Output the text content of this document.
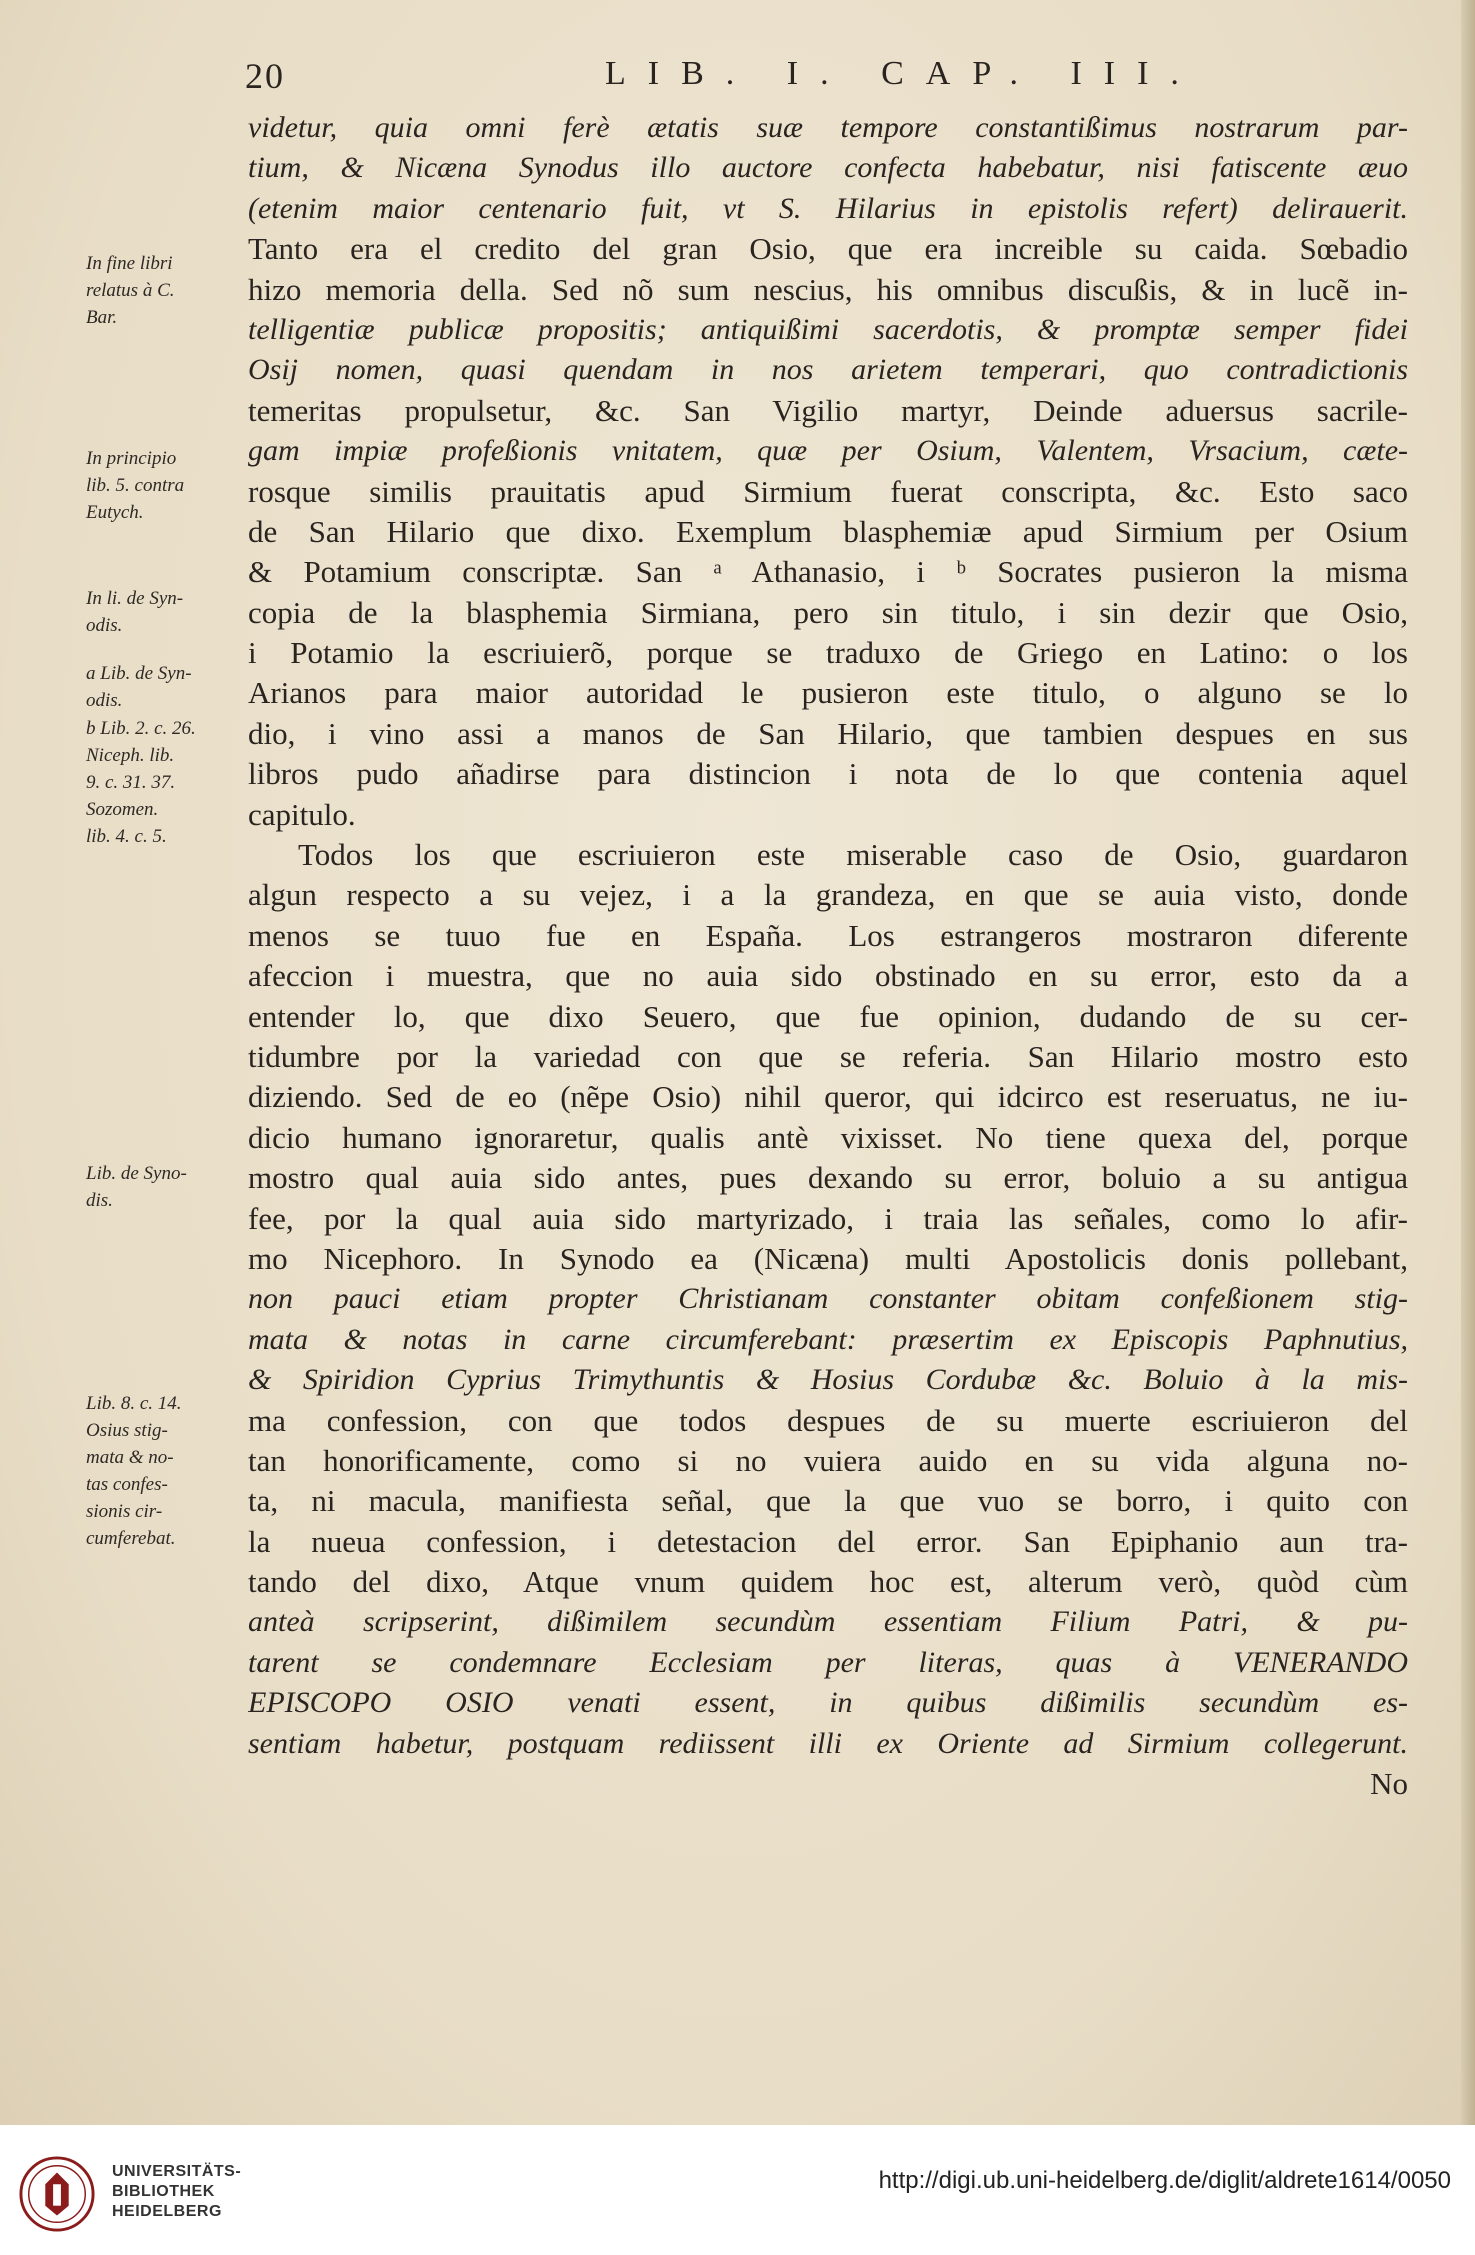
20	LIB. I. CAP. III.
In fine libri
relatus à C.
Bar.
In principio
lib. 5. contra
Eutych.
In li. de Syn-
odis.
a Lib. de Syn-
odis.
b Lib. 2. c. 26.
Niceph. lib.
9. c. 31. 37.
Sozomen.
lib. 4. c. 5.
Lib. de Syno-
dis.
Lib. 8. c. 14.
Osius stig-
mata & no-
tas confes-
sionis cir-
cumferebat.
videtur, quia omni ferè ætatis suæ tempore constantißimus nostrarum par-
tium, & Nicæna Synodus illo auctore confecta habebatur, nisi fatiscente æuo
(etenim maior centenario fuit, vt S. Hilarius in epistolis refert) delirauerit.
Tanto era el credito del gran Osio, que era increible su caida. Sœbadio
hizo memoria della. Sed nõ sum nescius, his omnibus discußis, & in lucẽ in-
telligentiæ publicæ propositis; antiquißimi sacerdotis, & promptæ semper fidei
Osij nomen, quasi quendam in nos arietem temperari, quo contradictionis
temeritas propulsetur, &c. San Vigilio martyr, Deinde aduersus sacrile-
gam impiæ profeßionis vnitatem, quæ per Osium, Valentem, Vrsacium, cæte-
rosque similis prauitatis apud Sirmium fuerat conscripta, &c. Esto saco
de San Hilario que dixo. Exemplum blasphemiæ apud Sirmium per Osium
& Potamium conscriptæ. San ᵃ Athanasio, i ᵇ Socrates pusieron la misma
copia de la blasphemia Sirmiana, pero sin titulo, i sin dezir que Osio,
i Potamio la escriuierõ, porque se traduxo de Griego en Latino: o los
Arianos para maior autoridad le pusieron este titulo, o alguno se lo
dio, i vino assi a manos de San Hilario, que tambien despues en sus
libros pudo añadirse para distincion i nota de lo que contenia aquel
capitulo.
Todos los que escriuieron este miserable caso de Osio, guardaron
algun respecto a su vejez, i a la grandeza, en que se auia visto, donde
menos se tuuo fue en España. Los estrangeros mostraron diferente
afeccion i muestra, que no auia sido obstinado en su error, esto da a
entender lo, que dixo Seuero, que fue opinion, dudando de su cer-
tidumbre por la variedad con que se referia. San Hilario mostro esto
diziendo. Sed de eo (nẽpe Osio) nihil queror, qui idcirco est reseruatus, ne iu-
dicio humano ignoraretur, qualis antè vixisset. No tiene quexa del, porque
mostro qual auia sido antes, pues dexando su error, boluio a su antigua
fee, por la qual auia sido martyrizado, i traia las señales, como lo afir-
mo Nicephoro. In Synodo ea (Nicæna) multi Apostolicis donis pollebant,
non pauci etiam propter Christianam constanter obitam confeßionem stig-
mata & notas in carne circumferebant: præsertim ex Episcopis Paphnutius,
& Spiridion Cyprius Trimythuntis & Hosius Cordubæ &c. Boluio à la mis-
ma confession, con que todos despues de su muerte escriuieron del
tan honorificamente, como si no vuiera auido en su vida alguna no-
ta, ni macula, manifiesta señal, que la que vuo se borro, i quito con
la nueua confession, i detestacion del error. San Epiphanio aun tra-
tando del dixo, Atque vnum quidem hoc est, alterum verò, quòd cùm
anteà scripserint, dißimilem secundùm essentiam Filium Patri, & pu-
tarent se condemnare Ecclesiam per literas, quas à VENERANDO
EPISCOPO OSIO venati essent, in quibus dißimilis secundùm es-
sentiam habetur, postquam rediissent illi ex Oriente ad Sirmium collegerunt.
No
UNIVERSITÄTS-
BIBLIOTHEK
HEIDELBERG
http://digi.ub.uni-heidelberg.de/diglit/aldrete1614/0050
